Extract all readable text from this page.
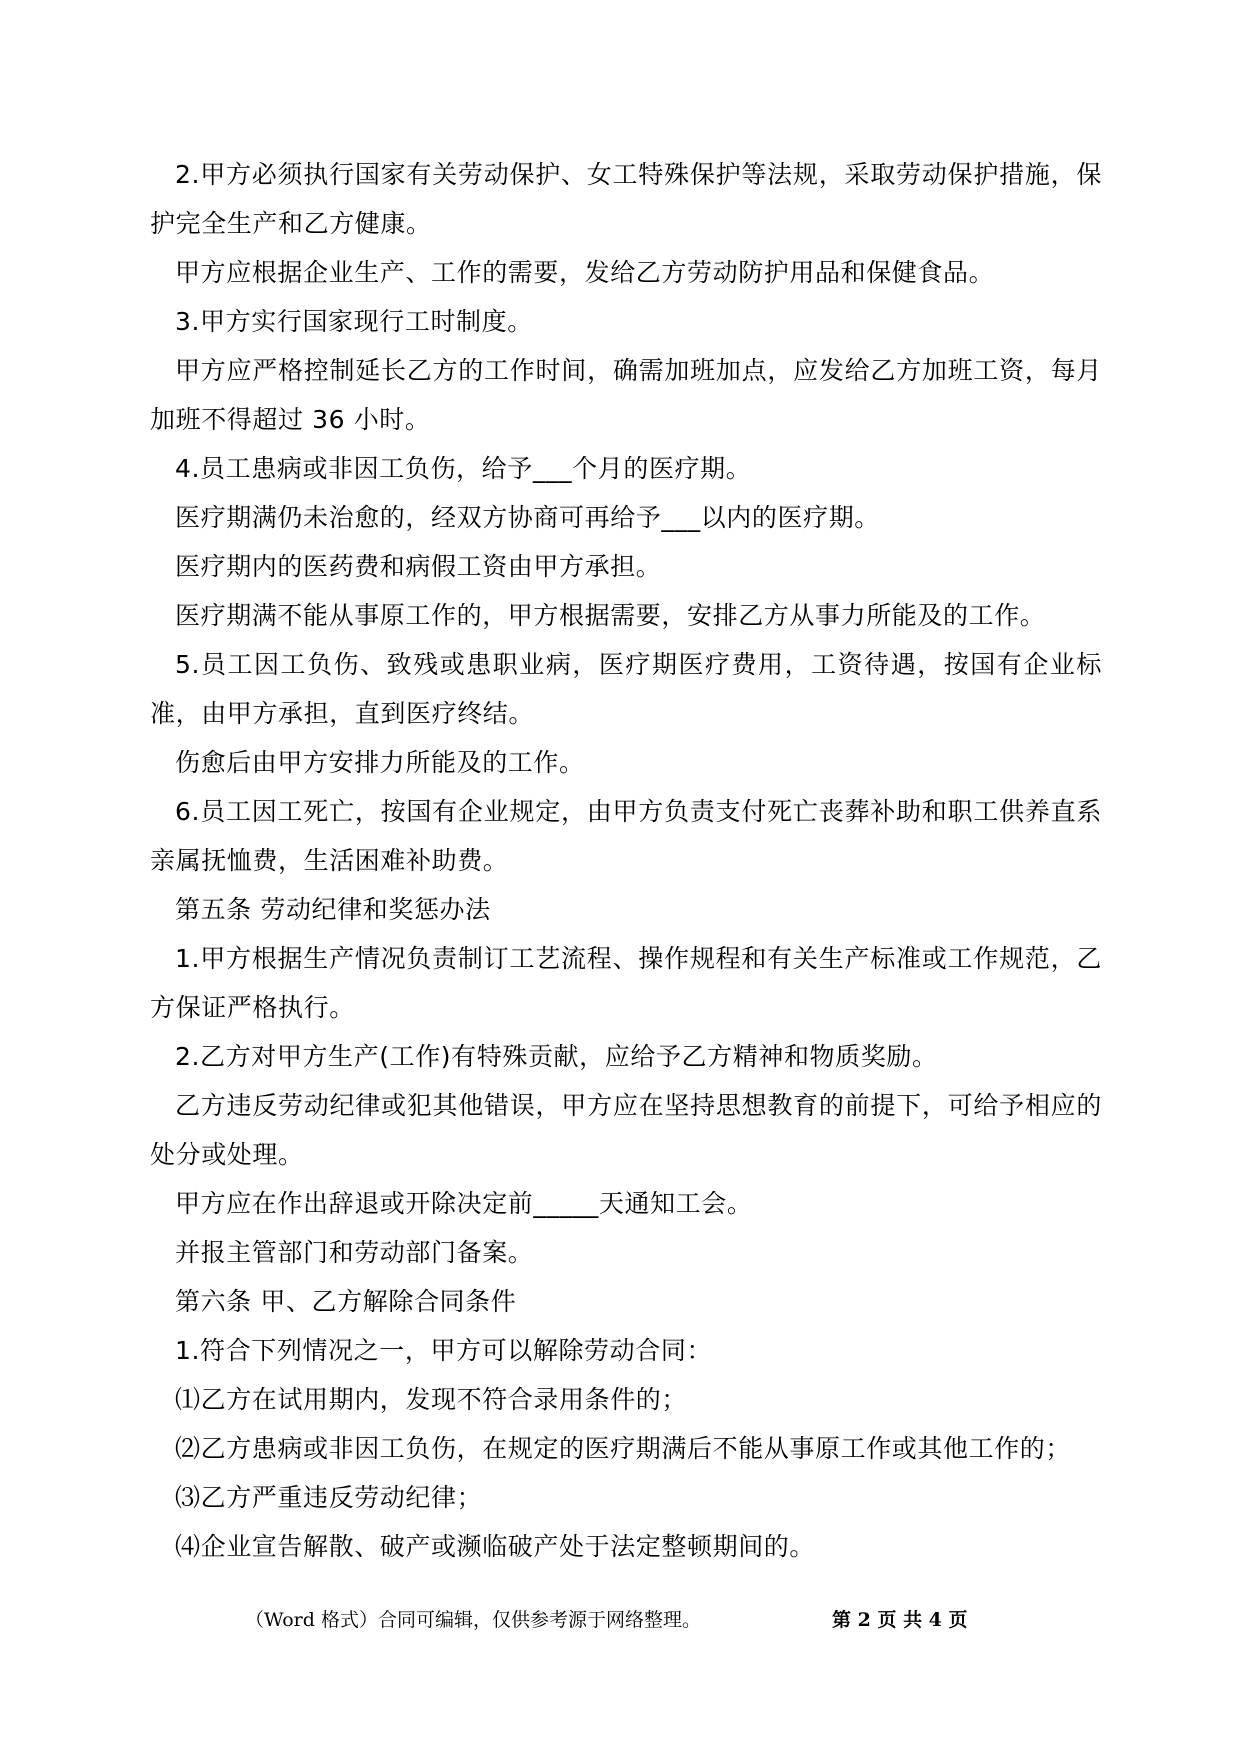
2.甲方必须执行国家有关劳动保护、女工特殊保护等法规，采取劳动保护措施，保护完全生产和乙方健康。

甲方应根据企业生产、工作的需要，发给乙方劳动防护用品和保健食品。

3.甲方实行国家现行工时制度。

甲方应严格控制延长乙方的工作时间，确需加班加点，应发给乙方加班工资，每月加班不得超过 36 小时。

4.员工患病或非因工负伤，给予___个月的医疗期。

医疗期满仍未治愈的，经双方协商可再给予___以内的医疗期。

医疗期内的医药费和病假工资由甲方承担。

医疗期满不能从事原工作的，甲方根据需要，安排乙方从事力所能及的工作。

5.员工因工负伤、致残或患职业病，医疗期医疗费用，工资待遇，按国有企业标准，由甲方承担，直到医疗终结。

伤愈后由甲方安排力所能及的工作。

6.员工因工死亡，按国有企业规定，由甲方负责支付死亡丧葬补助和职工供养直系亲属抚恤费，生活困难补助费。

第五条 劳动纪律和奖惩办法

1.甲方根据生产情况负责制订工艺流程、操作规程和有关生产标准或工作规范，乙方保证严格执行。

2.乙方对甲方生产(工作)有特殊贡献，应给予乙方精神和物质奖励。

乙方违反劳动纪律或犯其他错误，甲方应在坚持思想教育的前提下，可给予相应的处分或处理。

甲方应在作出辞退或开除决定前_____天通知工会。

并报主管部门和劳动部门备案。

第六条 甲、乙方解除合同条件

1.符合下列情况之一，甲方可以解除劳动合同：

⑴乙方在试用期内，发现不符合录用条件的；

⑵乙方患病或非因工负伤，在规定的医疗期满后不能从事原工作或其他工作的；

⑶乙方严重违反劳动纪律；

⑷企业宣告解散、破产或濒临破产处于法定整顿期间的。

（Word 格式）合同可编辑，仅供参考源于网络整理。	第 2 页 共 4 页
